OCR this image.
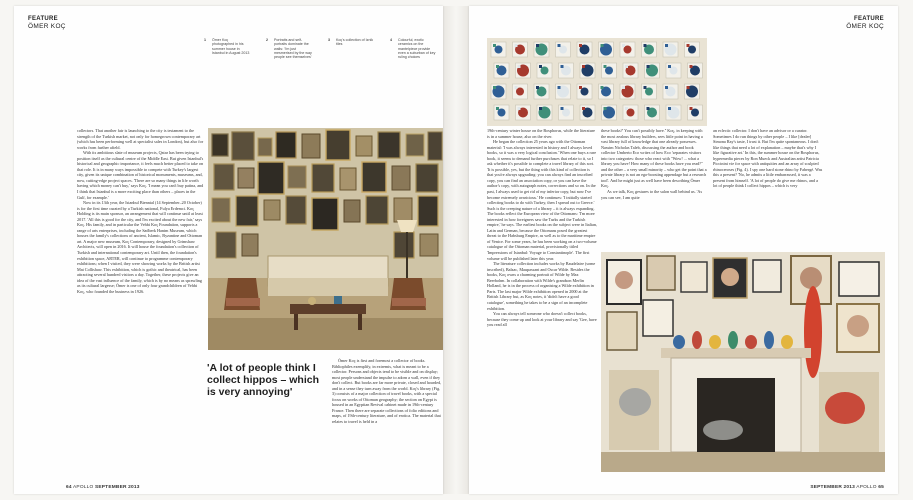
FEATURE
ÖMER KOÇ
1 Ömer Koç photographed in his summer house in Istanbul in August 2013
2 Portraits and self-portraits dominate the walls: 'I'm just mesmerised by the way people see themselves'
3 Koç's collection of Iznik tiles
4 Colourful, exotic ceramics on the mantelpiece provide even a suburban of key ruling choices

collectors. That another fair is launching to the city is testament to the strength of the Turkish market, not only for homegrown contemporary art (which has been performing well at specialist sales in London), but also for works from further afield.

With its ambitious slate of museum projects, Qatar has been trying to position itself as the cultural centre of the Middle East. But given Istanbul's historical and geographic importance, it feels much better placed to take on that role. It is in many ways impossible to compete with Turkey's largest city, given its unique combination of historical monuments, museums, and, now, cutting-edge project spaces. 'There are so many things in life worth having which money can't buy,' says Koç. 'I mean you can't buy patina, and I think that Istanbul is a more exciting place than others – places in the Gulf, for example.'

Now in its 13th year, the Istanbul Biennial (14 September–20 October) is for the first time curated by a Turkish national, Fulya Erdemci. Koç Holding is its main sponsor, an arrangement that will continue until at least 2017. 'All this is good for the city, and I'm excited about the new fair,' says Koç. His family, and in particular the Vehbi Koç Foundation, supports a range of arts enterprises, including the Sadberk Hanim Museum, which houses the family's collections of ancient, Islamic, Byzantine and Ottoman art. A major new museum, Koç Contemporary, designed by Grimshaw Architects, will open in 2016. It will house the foundation's collection of Turkish and international contemporary art. Until then, the foundation's exhibition space, ARTER, will continue to programme contemporary exhibitions; when I visited, they were showing works by the British artist Mat Collishaw. This exhibition, which is gothic and theatrical, has been attracting several hundred visitors a day. Together, these projects give an idea of the vast influence of the family, which is by no means as sprawling as its cultural largesse; Ömer is one of only four grandchildren of Vehbi Koç, who founded the business in 1926.

'A lot of people think I collect hippos – which is very annoying'

Ömer Koç is first and foremost a collector of books. Bibliophiles exemplify, in extremis, what is meant to be a collector. Persons and objects tend to be visible and on display; most people understand the impulse to adorn a wall, even if they don't collect. But books are far more private, closed and hoarded, and in a sense they turn away from the world. Koç's library (Fig. 3) consists of a major collection of travel books, with a special focus on works of Ottoman geography; the section on Egypt is housed in an Egyptian Revival cabinet made in 19th-century France. Then there are separate collections of folio editions and maps, of 19th-century literature, and of erotica. The material that relates to travel is held in a

64 APOLLO SEPTEMBER 2013
FEATURE
ÖMER KOÇ

19th-century winter house on the Bosphorus, while the literature is in a summer house, also on the river.

He began the collection 25 years ago with the Ottoman material: 'I was always interested in history and I always loved books, so it was a very logical conclusion.' When one buys a rare book, it seems to demand further purchases that relate to it, so I ask whether it's possible to complete a travel library of this sort. 'It is possible, yes, but the thing with this kind of collection is that you're always upgrading: you can always find an inscribed copy, you can find an association copy, or you can have the author's copy, with autograph notes, corrections and so on. In the past, I always used to get rid of my inferior copy, but now I've become extremely avaricious.' He continues: 'I initially started collecting books to do with Turkey, then I spread out to Greece.' Such is the creeping nature of a library – it is always expanding. The books reflect the European view of the Ottomans: 'I'm more interested in how foreigners saw the Turks and the Turkish empire,' he says. The earliest books on the subject were in Italian, Latin and German, because the Ottomans posed the greatest threat to the Habsburg Empire, as well as to the maritime empire of Venice. For some years, he has been working on a two-volume catalogue of the Ottoman material, provisionally titled 'Impressions of Istanbul: Voyage to Constantinople'. The first volume will be published later this year.

The literature collection includes works by Baudelaire (some inscribed), Balzac, Maupassant and Oscar Wilde. Besides the books, Koç owns a charming portrait of Wilde by Max Beerbohm. In collaboration with Wilde's grandson Merlin Holland, he is in the process of organising a Wilde exhibition in Paris. The last major Wilde exhibition opened in 2000 at the British Library but, as Koç notes, it 'didn't have a good catalogue', something he takes to be a sign of an incomplete exhibition.

You can always tell someone who doesn't collect books, because they come up and look at your library and say 'Gee, have you read all

these books?' You can't possibly have.'' Koç, in keeping with the most zealous library builders, sees little point in having a vast library full of knowledge that one already possesses. Nassim Nicholas Taleb, discussing the author and book collector Umberto Eco writes of how Eco 'separates visitors into two categories: those who react with "Wow! ... what a library you have! How many of these books have you read?" and the other – a very small minority – who get the point that a private library is not an ego-boosting appendage but a research tool'. And he might just as well have been describing Ömer Koç.

As we talk, Koç gestures to the salon wall behind us. 'As you can see, I am quite

an eclectic collector. I don't have an advisor or a curator. Sometimes I do run things by other people – I like [dealer] Simona Ray's taste, I trust it. But I'm quite spontaneous. I don't like things that need a lot of explanation – maybe that's why I like figurative art.' In this, the summer house on the Bosphorus, hypermedia pieces by Ron Mueck and Australian artist Patricia Piccinini vie for space with antiquities and an array of sculpted rhinoceroses (Fig. 4). I spy one hard stone rhino by Fabergé. Was this a present? 'No, he admits a little embarrassed, it was a present from himself. 'A lot of people do give me rhinos, and a lot of people think I collect hippos – which is very

SEPTEMBER 2013 APOLLO 65
